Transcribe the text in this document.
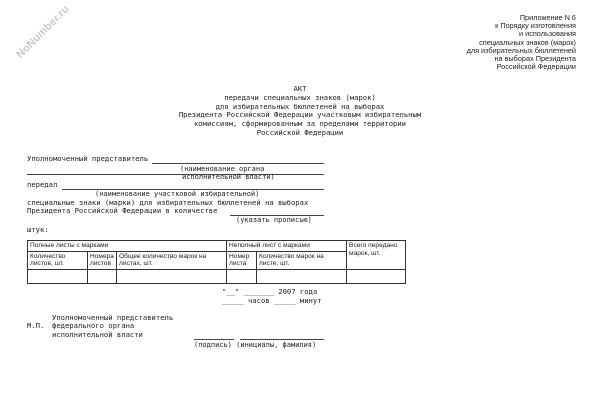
NoNumber.ru	Приложение N 6
к Порядку изготовления
и использования
специальных знаков (марок)
для избирательных бюллетеней
на выборах Президента
Российской Федерации
АКТ
передачи специальных знаков (марок)
для избирательных бюллетеней на выборах
Президента Российской Федерации участковым избирательным
комиссиям, сформированным за пределами территории
Российской Федерации
Уполномоченный представитель
(наименование органа
исполнительной власти)
передал
(наименование участковой избирательной)
специальные знаки (марки) для избирательных бюллетеней на выборах
Президента Российской Федерации в количестве
(указать прописью)
штук:
Полные листы с марками			Неполный лист с марками		Всего передано марок, шт.
Количество листов, шт.	Номера листов	Общее количество марок на листах, шт.	Номер листа	Количество марок на листе, шт.	

"__" _______ 2007 года
_____ часов _____ минут
Уполномоченный представитель
М.П. федерального органа
исполнительной власти
(подпись) (инициалы, фамилия)
